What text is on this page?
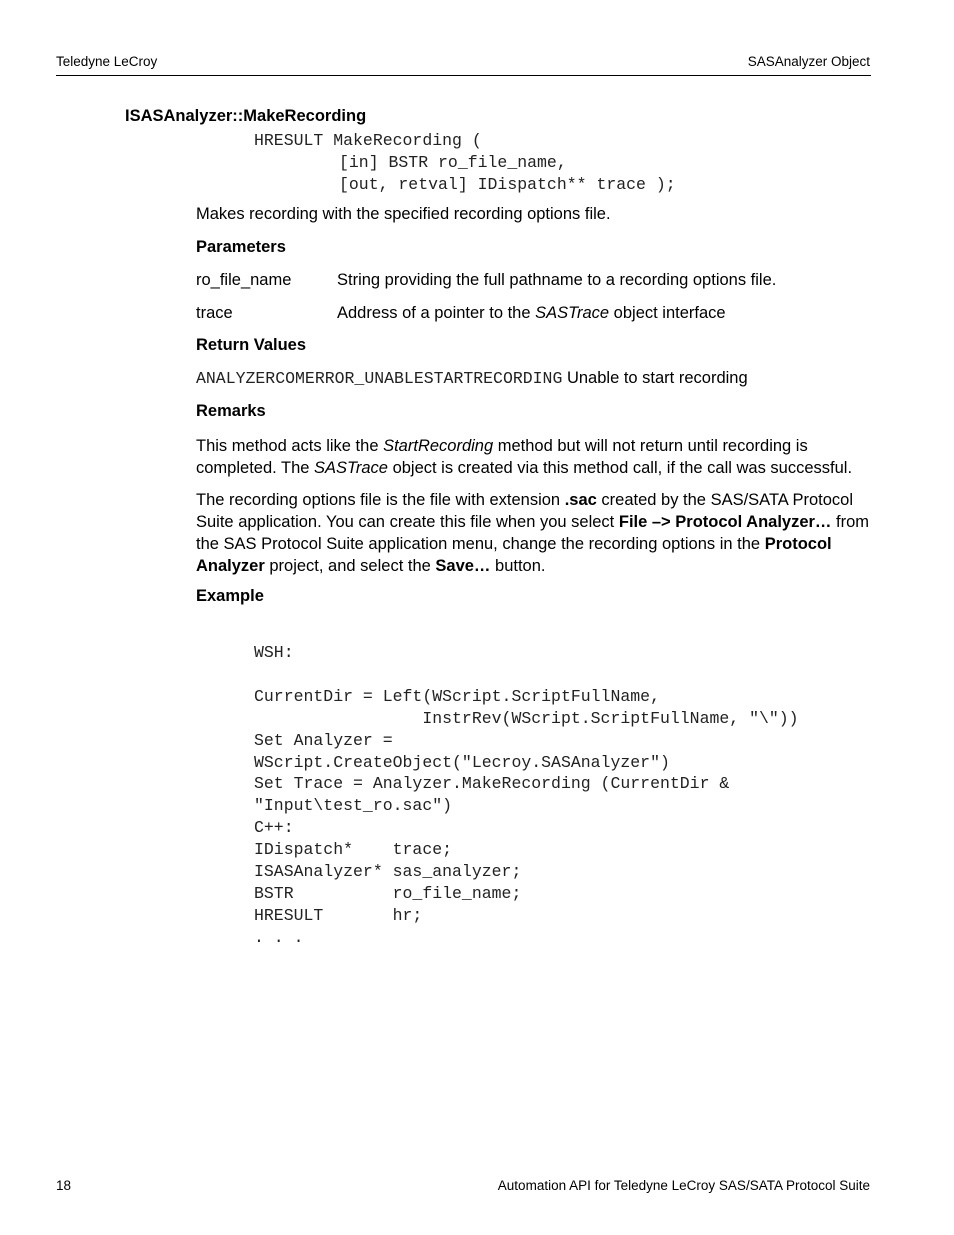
Teledyne LeCroy	SASAnalyzer Object
ISASAnalyzer::MakeRecording
HRESULT MakeRecording (
[in] BSTR ro_file_name,
[out, retval] IDispatch** trace );
Makes recording with the specified recording options file.
Parameters
ro_file_name	String providing the full pathname to a recording options file.
trace	Address of a pointer to the SASTrace object interface
Return Values
ANALYZERCOMERROR_UNABLESTARTRECORDING Unable to start recording
Remarks
This method acts like the StartRecording method but will not return until recording is completed. The SASTrace object is created via this method call, if the call was successful.
The recording options file is the file with extension .sac created by the SAS/SATA Protocol Suite application. You can create this file when you select File –> Protocol Analyzer… from the SAS Protocol Suite application menu, change the recording options in the Protocol Analyzer project, and select the Save… button.
Example
WSH:

CurrentDir = Left(WScript.ScriptFullName,
InstrRev(WScript.ScriptFullName, "\"))
Set Analyzer =
WScript.CreateObject("Lecroy.SASAnalyzer")
Set Trace = Analyzer.MakeRecording (CurrentDir &
"Input\test_ro.sac")
C++:
IDispatch*    trace;
ISASAnalyzer* sas_analyzer;
BSTR          ro_file_name;
HRESULT       hr;
. . .
18	Automation API for Teledyne LeCroy SAS/SATA Protocol Suite
